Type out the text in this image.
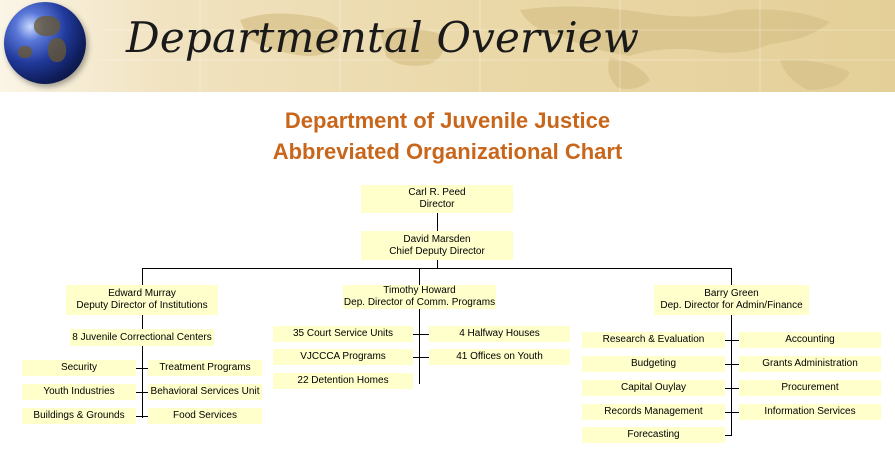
Departmental Overview
Department of Juvenile Justice
Abbreviated Organizational Chart
Carl R. Peed
Director
David Marsden
Chief Deputy Director
Edward Murray
Deputy Director of Institutions
Timothy Howard
Dep. Director of Comm. Programs
Barry Green
Dep. Director for Admin/Finance
8 Juvenile Correctional Centers
Security
Youth Industries
Buildings & Grounds
Treatment Programs
Behavioral Services Unit
Food Services
35 Court Service Units
VJCCCA Programs
22 Detention Homes
4 Halfway Houses
41 Offices on Youth
Research & Evaluation
Budgeting
Capital Ouylay
Records Management
Forecasting
Accounting
Grants Administration
Procurement
Information Services
